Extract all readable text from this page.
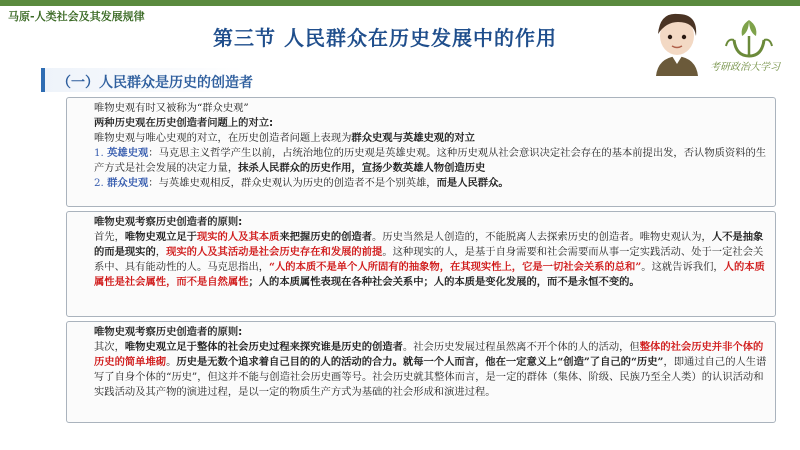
马原-人类社会及其发展规律
第三节 人民群众在历史发展中的作用
考研政治大学习
（一）人民群众是历史的创造者
唯物史观有时又被称为“群众史观”
两种历史观在历史创造者问题上的对立:
唯物史观与唯心史观的对立，在历史创造者问题上表现为群众史观与英雄史观的对立
1. 英雄史观：马克思主义哲学产生以前，占统治地位的历史观是英雄史观。这种历史观从社会意识决定社会存在的基本前提出发，否认物质资料的生产方式是社会发展的决定力量，抹杀人民群众的历史作用，宣扬少数英雄人物创造历史
2. 群众史观：与英雄史观相反，群众史观认为历史的创造者不是个别英雄，而是人民群众。
唯物史观考察历史创造者的原则:
首先，唯物史观立足于现实的人及其本质来把握历史的创造者。历史当然是人创造的，不能脱离人去探索历史的创造者。唯物史观认为，人不是抽象的而是现实的，现实的人及其活动是社会历史存在和发展的前提。这种现实的人，是基于自身需要和社会需要而从事一定实践活动、处于一定社会关系中、具有能动性的人。马克思指出，“人的本质不是单个人所固有的抽象物，在其现实性上，它是一切社会关系的总和”。这就告诉我们，人的本质属性是社会属性，而不是自然属性；人的本质属性表现在各种社会关系中；人的本质是变化发展的，而不是永恒不变的。
唯物史观考察历史创造者的原则:
其次，唯物史观立足于整体的社会历史过程来探究谁是历史的创造者。社会历史发展过程虽然离不开个体的人的活动，但整体的社会历史并非个体的历史的简单堆砌。历史是无数个追求着自己目的的人的活动的合力。就每一个人而言，他在一定意义上“创造”了自己的“历史”，即通过自己的人生谱写了自身个体的“历史”，但这并不能与创造社会历史画等号。社会历史就其整体而言，是一定的群体（集体、阶级、民族乃至全人类）的认识活动和实践活动及其产物的演进过程，是以一定的物质生产方式为基础的社会形成和演进过程。
